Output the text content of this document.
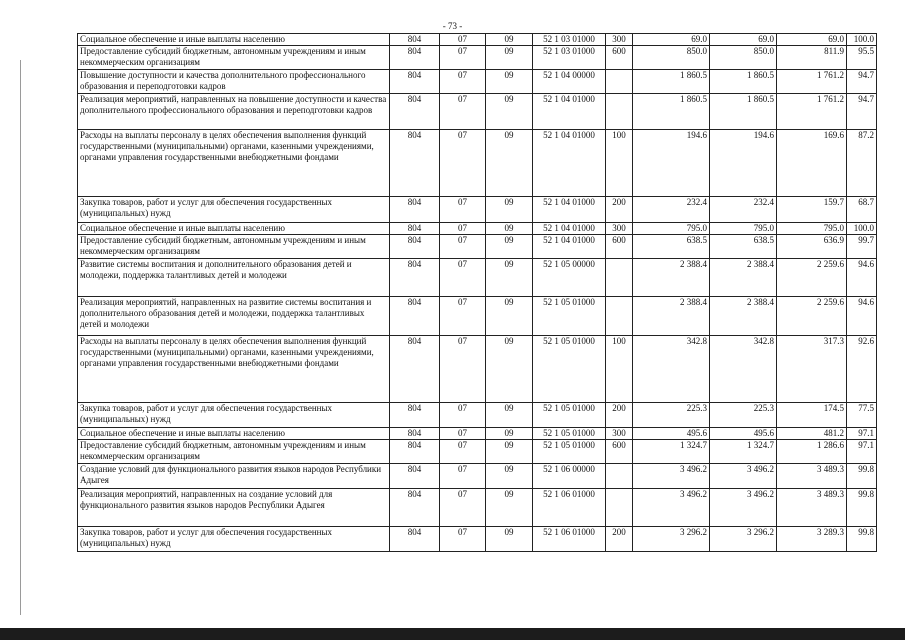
- 73 -
Социальное обеспечение и иные выплаты населению	804	07	09	52 1 03 01000	300	69.0	69.0	69.0	100.0
Предоставление субсидий бюджетным, автономным учреждениям и иным некоммерческим организациям	804	07	09	52 1 03 01000	600	850.0	850.0	811.9	95.5
Повышение доступности и качества дополнительного профессионального образования и переподготовки кадров	804	07	09	52 1 04 00000		1 860.5	1 860.5	1 761.2	94.7
Реализация мероприятий, направленных на повышение доступности и качества дополнительного профессионального образования и переподготовки кадров	804	07	09	52 1 04 01000		1 860.5	1 860.5	1 761.2	94.7
Расходы на выплаты персоналу в целях обеспечения выполнения функций государственными (муниципальными) органами, казенными учреждениями, органами управления государственными внебюджетными фондами	804	07	09	52 1 04 01000	100	194.6	194.6	169.6	87.2
Закупка товаров, работ и услуг для обеспечения государственных (муниципальных) нужд	804	07	09	52 1 04 01000	200	232.4	232.4	159.7	68.7
Социальное обеспечение и иные выплаты населению	804	07	09	52 1 04 01000	300	795.0	795.0	795.0	100.0
Предоставление субсидий бюджетным, автономным учреждениям и иным некоммерческим организациям	804	07	09	52 1 04 01000	600	638.5	638.5	636.9	99.7
Развитие системы воспитания и дополнительного образования детей и молодежи, поддержка талантливых детей и молодежи	804	07	09	52 1 05 00000		2 388.4	2 388.4	2 259.6	94.6
Реализация мероприятий, направленных на развитие системы воспитания и дополнительного образования детей и молодежи, поддержка талантливых детей и молодежи	804	07	09	52 1 05 01000		2 388.4	2 388.4	2 259.6	94.6
Расходы на выплаты персоналу в целях обеспечения выполнения функций государственными (муниципальными) органами, казенными учреждениями, органами управления государственными внебюджетными фондами	804	07	09	52 1 05 01000	100	342.8	342.8	317.3	92.6
Закупка товаров, работ и услуг для обеспечения государственных (муниципальных) нужд	804	07	09	52 1 05 01000	200	225.3	225.3	174.5	77.5
Социальное обеспечение и иные выплаты населению	804	07	09	52 1 05 01000	300	495.6	495.6	481.2	97.1
Предоставление субсидий бюджетным, автономным учреждениям и иным некоммерческим организациям	804	07	09	52 1 05 01000	600	1 324.7	1 324.7	1 286.6	97.1
Создание условий для функционального развития языков народов Республики Адыгея	804	07	09	52 1 06 00000		3 496.2	3 496.2	3 489.3	99.8
Реализация мероприятий, направленных на создание условий для функционального развития языков народов Республики Адыгея	804	07	09	52 1 06 01000		3 496.2	3 496.2	3 489.3	99.8
Закупка товаров, работ и услуг для обеспечения государственных (муниципальных) нужд	804	07	09	52 1 06 01000	200	3 296.2	3 296.2	3 289.3	99.8
